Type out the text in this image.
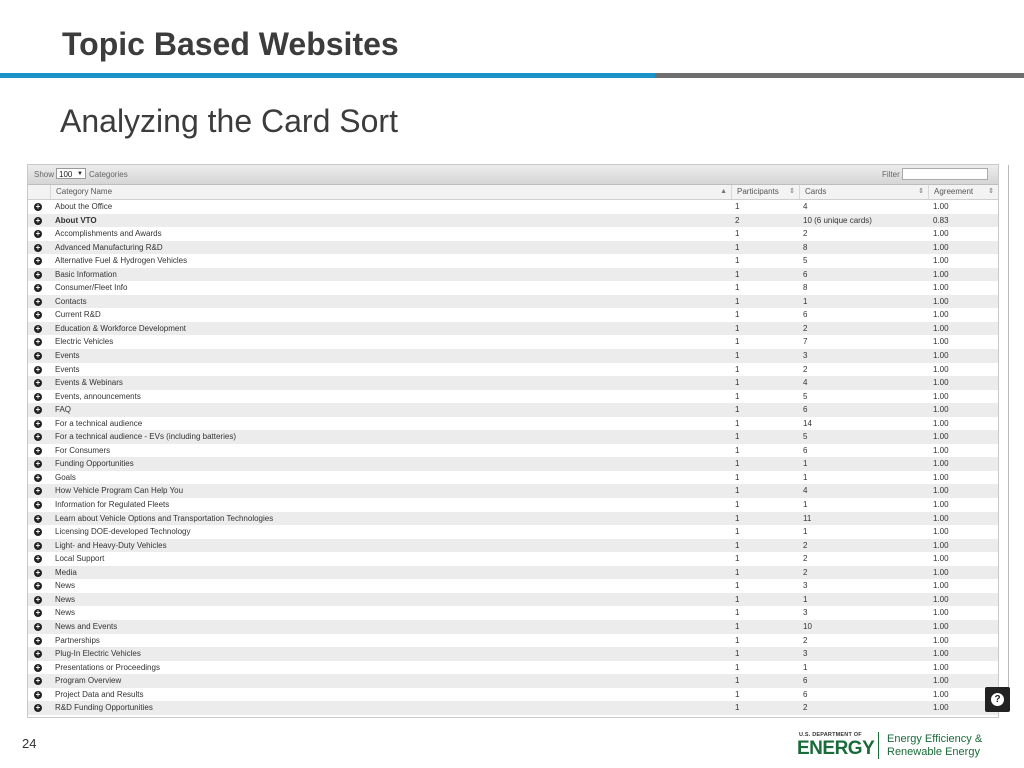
Topic Based Websites
Analyzing the Card Sort
Show 100 ▼ Categories	Filter
Category Name	▲	Participants ⇕	Cards	⇕	Agreement ⇕
+ About the Office	1	4	1.00
+ About VTO	2	10 (6 unique cards)	0.83
+ Accomplishments and Awards	1	2	1.00
+ Advanced Manufacturing R&D	1	8	1.00
+ Alternative Fuel & Hydrogen Vehicles	1	5	1.00
+ Basic Information	1	6	1.00
+ Consumer/Fleet Info	1	8	1.00
+ Contacts	1	1	1.00
+ Current R&D	1	6	1.00
+ Education & Workforce Development	1	2	1.00
+ Electric Vehicles	1	7	1.00
+ Events	1	3	1.00
+ Events	1	2	1.00
+ Events & Webinars	1	4	1.00
+ Events, announcements	1	5	1.00
+ FAQ	1	6	1.00
+ For a technical audience	1	14	1.00
+ For a technical audience - EVs (including batteries)	1	5	1.00
+ For Consumers	1	6	1.00
+ Funding Opportunities	1	1	1.00
+ Goals	1	1	1.00
+ How Vehicle Program Can Help You	1	4	1.00
+ Information for Regulated Fleets	1	1	1.00
+ Learn about Vehicle Options and Transportation Technologies	1	11	1.00
+ Licensing DOE-developed Technology	1	1	1.00
+ Light- and Heavy-Duty Vehicles	1	2	1.00
+ Local Support	1	2	1.00
+ Media	1	2	1.00
+ News	1	3	1.00
+ News	1	1	1.00
+ News	1	3	1.00
+ News and Events	1	10	1.00
+ Partnerships	1	2	1.00
+ Plug-In Electric Vehicles	1	3	1.00
+ Presentations or Proceedings	1	1	1.00
+ Program Overview	1	6	1.00
+ Project Data and Results	1	6	1.00
+ R&D Funding Opportunities	1	2	1.00
?
24
U.S. DEPARTMENT OF
ENERGY Energy Efficiency &
Renewable Energy
